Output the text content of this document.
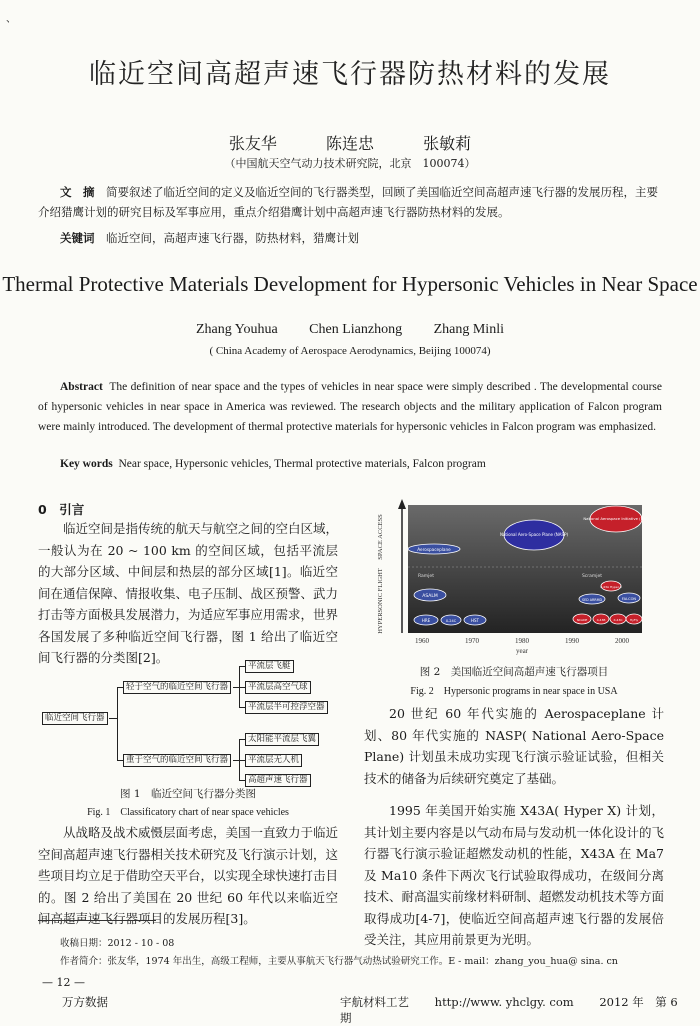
、
临近空间高超声速飞行器防热材料的发展
张友华	陈连忠	张敏莉
（中国航天空气动力技术研究院，北京　100074）
文　摘　 简要叙述了临近空间的定义及临近空间的飞行器类型，回顾了美国临近空间高超声速飞行器的发展历程，主要介绍猎鹰计划的研究目标及军事应用，重点介绍猎鹰计划中高超声速飞行器防热材料的发展。
关键词　 临近空间，高超声速飞行器，防热材料，猎鹰计划
Thermal Protective Materials Development for Hypersonic Vehicles in Near Space
Zhang Youhua Chen Lianzhong Zhang Minli
( China Academy of Aerospace Aerodynamics, Beijing 100074)
Abstract The definition of near space and the types of vehicles in near space were simply described . The developmental course of hypersonic vehicles in near space in America was reviewed. The research objects and the military application of Falcon program were mainly introduced. The development of thermal protective materials for hypersonic vehicles in Falcon program was emphasized.
Key words Near space, Hypersonic vehicles, Thermal protective materials, Falcon program
0　引言
临近空间是指传统的航天与航空之间的空白区域，一般认为在 20 ~ 100 km 的空间区域，包括平流层的大部分区域、中间层和热层的部分区域[1]。临近空间在通信保障、情报收集、电子压制、战区预警、武力打击等方面极具发展潜力，为适应军事应用需求，世界各国发展了多种临近空间飞行器，图 1 给出了临近空间飞行器的分类图[2]。
临近空间飞行器
轻于空气的临近空间飞行器
平流层飞艇
平流层高空气球
平流层半可控浮空器
重于空气的临近空间飞行器
太阳能平流层飞翼
平流层无人机
高超声速飞行器
图 1　临近空间飞行器分类图
Fig. 1　Classificatory chart of near space vehicles
从战略及战术威慑层面考虑，美国一直致力于临近空间高超声速飞行器相关技术研究及飞行演示计划，这些项目均立足于借助空天平台，以实现全球快速打击目的。图 2 给出了美国在 20 世纪 60 年代以来临近空间高超声速飞行器项目的发展历程[3]。
SPACE ACCESS
HYPERSONIC FLIGHT
1960	1970	1980	1990	2000
year
Aerospaceplane
National Aero-Space Plane (NASP)
National Aerospace Initiative (NAI)
Ramjet	Scramjet
ASALM
HRE	X-24C	HST
SED ARRMD
X-43A Hyper-X
FALCON
NCADE	X-43B	X-43C HyFly
图 2　美国临近空间高超声速飞行器项目
Fig. 2　Hypersonic programs in near space in USA
20 世纪 60 年代实施的 Aerospaceplane 计划、80 年代实施的 NASP( National Aero-Space Plane) 计划虽未成功实现飞行演示验证试验，但相关技术的储备为后续研究奠定了基础。
1995 年美国开始实施 X43A( Hyper X) 计划，其计划主要内容是以气动布局与发动机一体化设计的飞行器飞行演示验证超燃发动机的性能，X43A 在 Ma7 及 Ma10 条件下两次飞行试验取得成功，在级间分离技术、耐高温实前缘材料研制、超燃发动机技术等方面取得成功[4-7]，使临近空间高超声速飞行器的发展倍受关注，其应用前景更为光明。
收稿日期：2012 - 10 - 08
作者简介：张友华，1974 年出生，高级工程师，主要从事航天飞行器气动热试验研究工作。E - mail：zhang_you_hua@ sina. cn
— 12 —
万方数据	宇航材料工艺 http://www. yhclgy. com 2012 年　第 6 期
